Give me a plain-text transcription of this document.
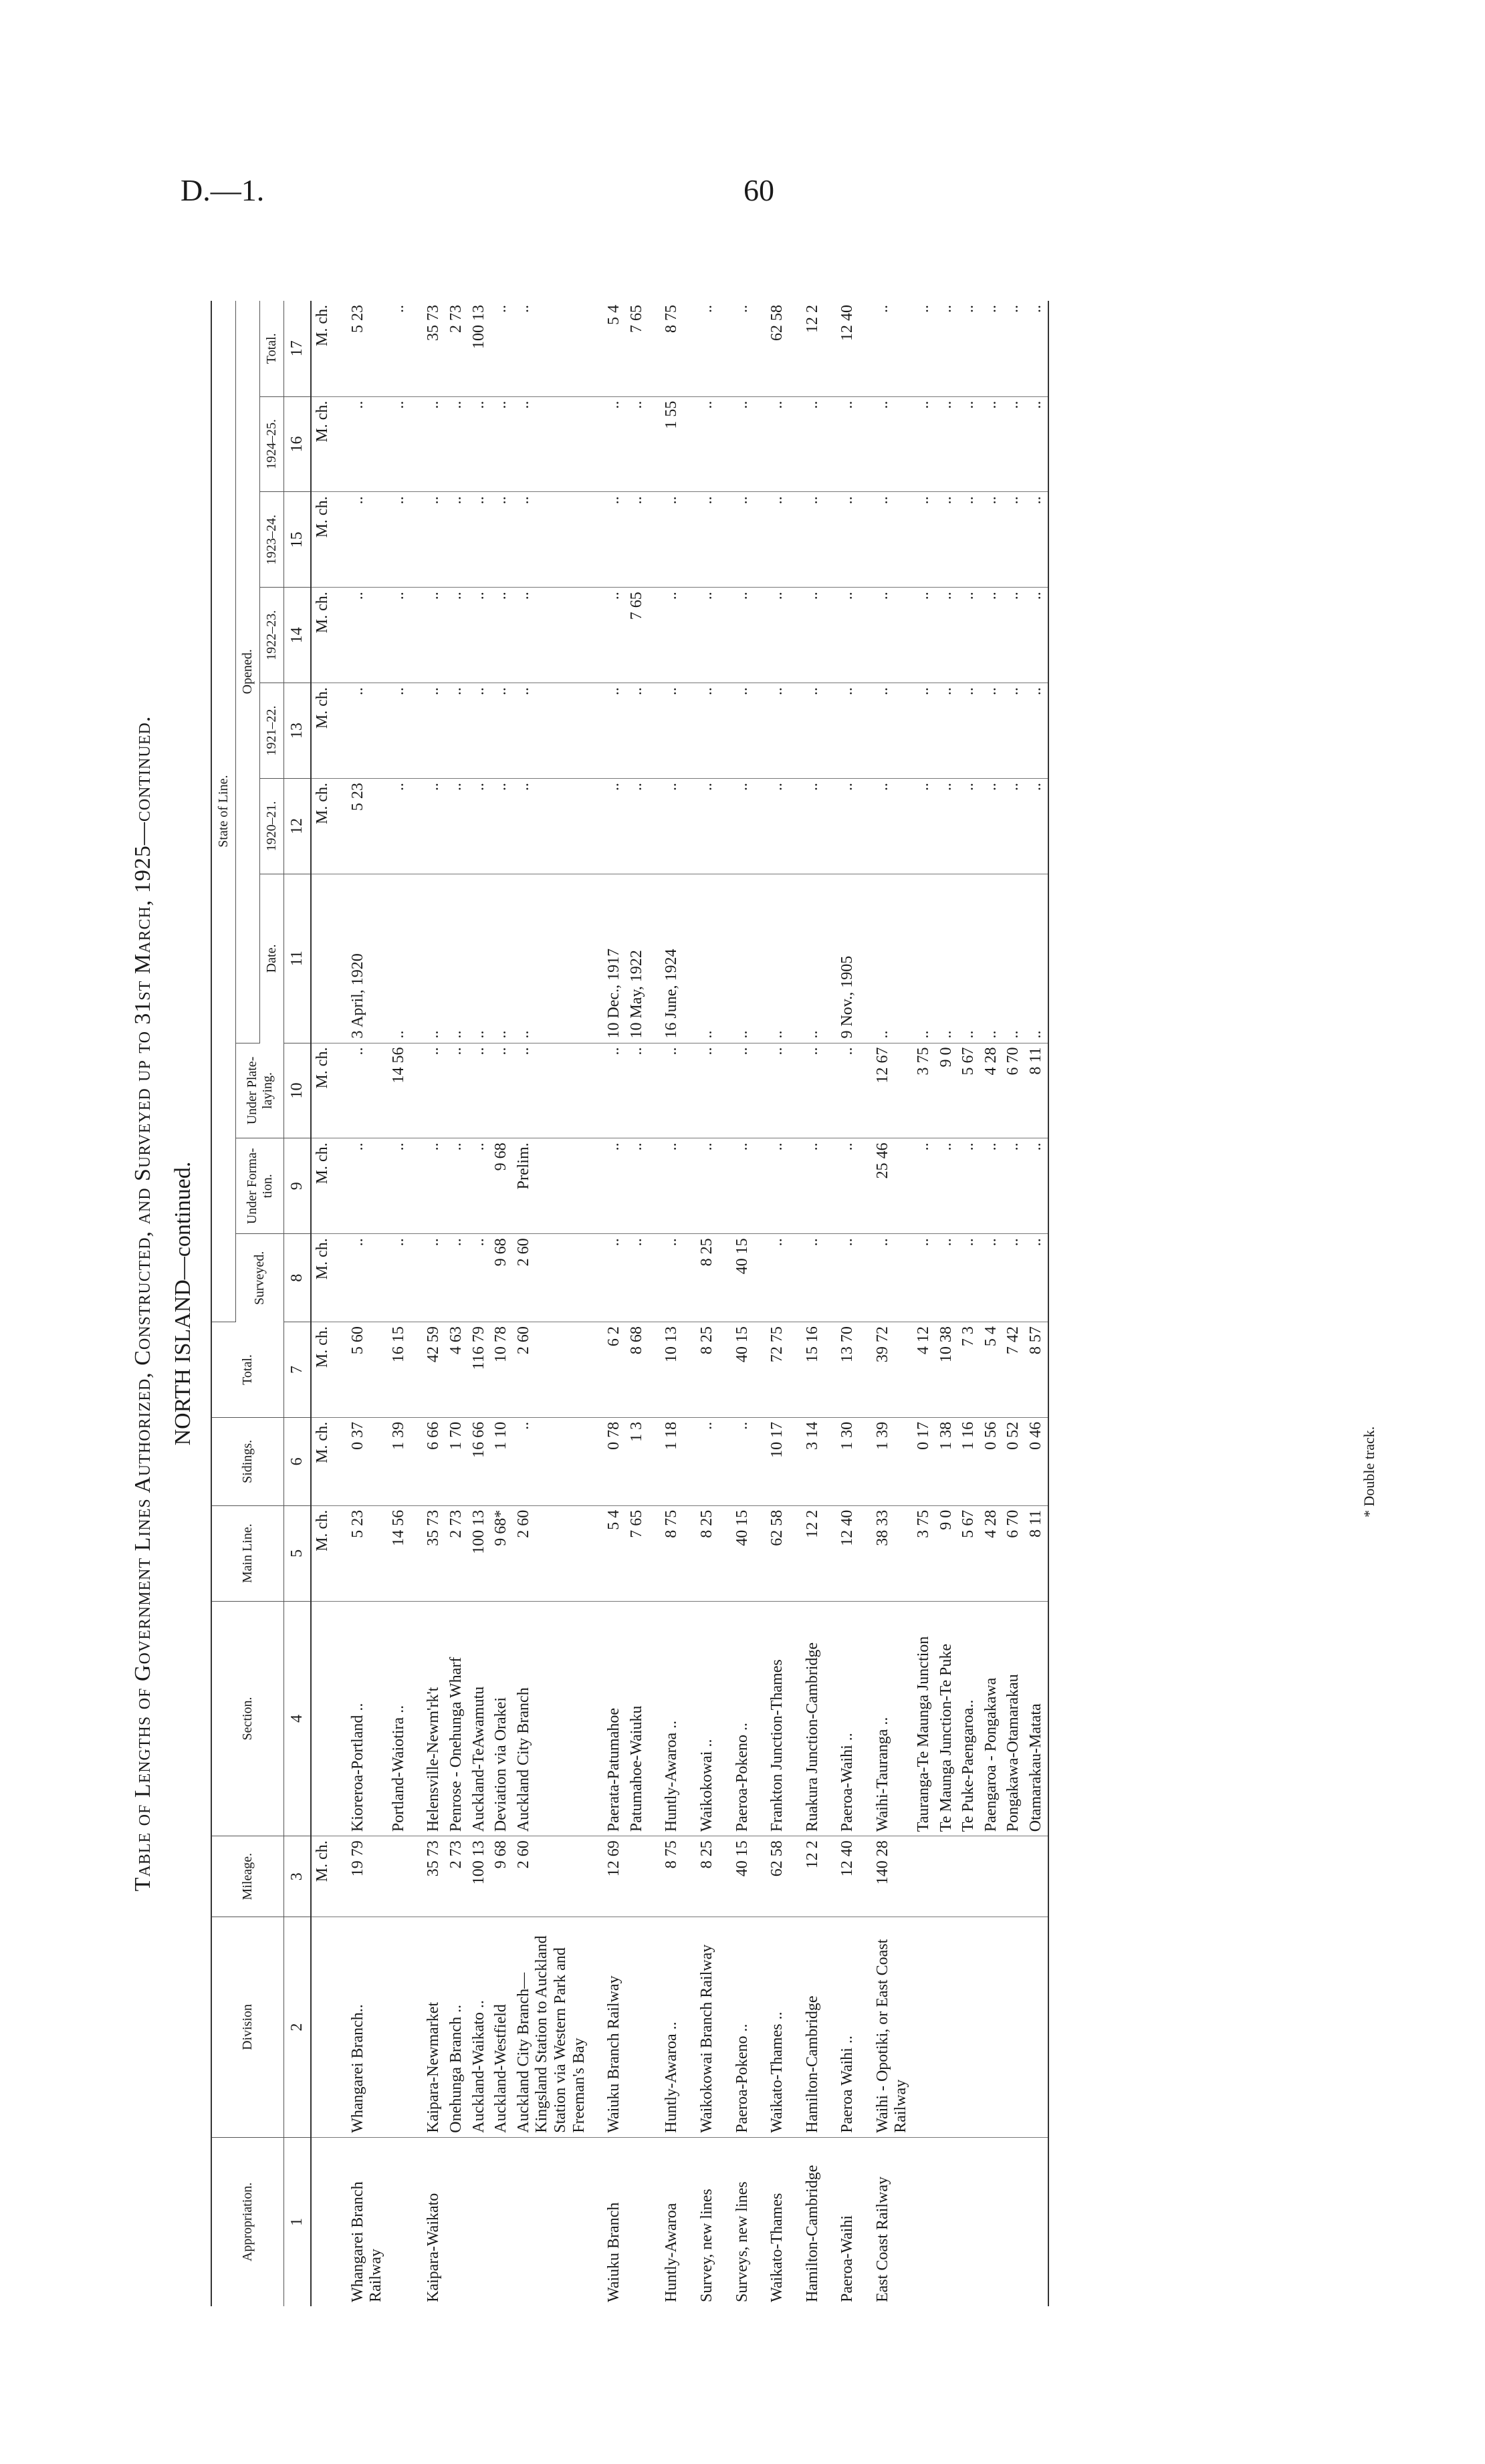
D.—1.	60
Table of Lengths of Government Lines Authorized, Constructed, and Surveyed up to 31st March, 1925—continued. NORTH ISLAND—continued.
Appropriation.	Division	Mileage.	Section.	Main Line.	Sidings.	Total.	State of Line.									
							Surveyed.	Under Forma-tion.	Under Plate-laying.	Opened.						
										Date.	1920–21.	1921–22.	1922–23.	1923–24.	1924–25.	Total.
1	2	3	4	5	6	7	8	9	10	11	12	13	14	15	16	17
		M. ch.		M. ch.	M. ch.	M. ch.	M. ch.	M. ch.	M. ch.		M. ch.	M. ch.	M. ch.	M. ch.	M. ch.	M. ch.
Whangarei Branch Railway	Whangarei Branch..	19 79	Kioreroa-Portland ..	5 23	0 37	5 60	..	..	..	3 April, 1920	5 23	..	..	..	..	5 23
			Portland-Waiotira ..	14 56	1 39	16 15	..	..	14 56	..	..	..	..	..	..	..
Kaipara-Waikato	Kaipara-Newmarket	35 73	Helensville-Newm'rk't	35 73	6 66	42 59	..	..	..	..	..	..	..	..	..	35 73
	Onehunga Branch ..	2 73	Penrose - Onehunga Wharf	2 73	1 70	4 63	..	..	..	..	..	..	..	..	..	2 73
	Auckland-Waikato ..	100 13	Auckland-TeAwamutu	100 13	16 66	116 79	..	..	..	..	..	..	..	..	..	100 13
	Auckland-Westfield	9 68	Deviation via Orakei	9 68*	1 10	10 78	9 68	9 68	..	..	..	..	..	..	..	..
	Auckland City Branch—Kingsland Station to Auckland Station via Western Park and Freeman's Bay	2 60	Auckland City Branch	2 60	..	2 60	2 60	Prelim.	..	..	..	..	..	..	..	..
Waiuku Branch	Waiuku Branch Railway	12 69	Paerata-Patumahoe	5 4	0 78	6 2	..	..	..	10 Dec., 1917	..	..	..	..	..	5 4
			Patumahoe-Waiuku	7 65	1 3	8 68	..	..	..	10 May, 1922	..	..	7 65	..	..	7 65
Huntly-Awaroa	Huntly-Awaroa ..	8 75	Huntly-Awaroa ..	8 75	1 18	10 13	..	..	..	16 June, 1924	..	..	..	..	1 55	8 75
Survey, new lines	Waikokowai Branch Railway	8 25	Waikokowai ..	8 25	..	8 25	8 25	..	..	..	..	..	..	..	..	..
Surveys, new lines	Paeroa-Pokeno ..	40 15	Paeroa-Pokeno ..	40 15	..	40 15	40 15	..	..	..	..	..	..	..	..	..
Waikato-Thames	Waikato-Thames ..	62 58	Frankton Junction-Thames	62 58	10 17	72 75	..	..	..	..	..	..	..	..	..	62 58
Hamilton-Cambridge	Hamilton-Cambridge	12 2	Ruakura Junction-Cambridge	12 2	3 14	15 16	..	..	..	..	..	..	..	..	..	12 2
Paeroa-Waihi	Paeroa Waihi ..	12 40	Paeroa-Waihi ..	12 40	1 30	13 70	..	..	..	9 Nov., 1905	..	..	..	..	..	12 40
East Coast Railway	Waihi - Opotiki, or East Coast Railway	140 28	Waihi-Tauranga ..	38 33	1 39	39 72	..	25 46	12 67	..	..	..	..	..	..	..
			Tauranga-Te Maunga Junction	3 75	0 17	4 12	..	..	3 75	..	..	..	..	..	..	..
			Te Maunga Junction-Te Puke	9 0	1 38	10 38	..	..	9 0	..	..	..	..	..	..	..
			Te Puke-Paengaroa..	5 67	1 16	7 3	..	..	5 67	..	..	..	..	..	..	..
			Paengaroa - Pongakawa	4 28	0 56	5 4	..	..	4 28	..	..	..	..	..	..	..
			Pongakawa-Otamarakau	6 70	0 52	7 42	..	..	6 70	..	..	..	..	..	..	..
			Otamarakau-Matata	8 11	0 46	8 57	..	..	8 11	..	..	..	..	..	..	..
* Double track.
